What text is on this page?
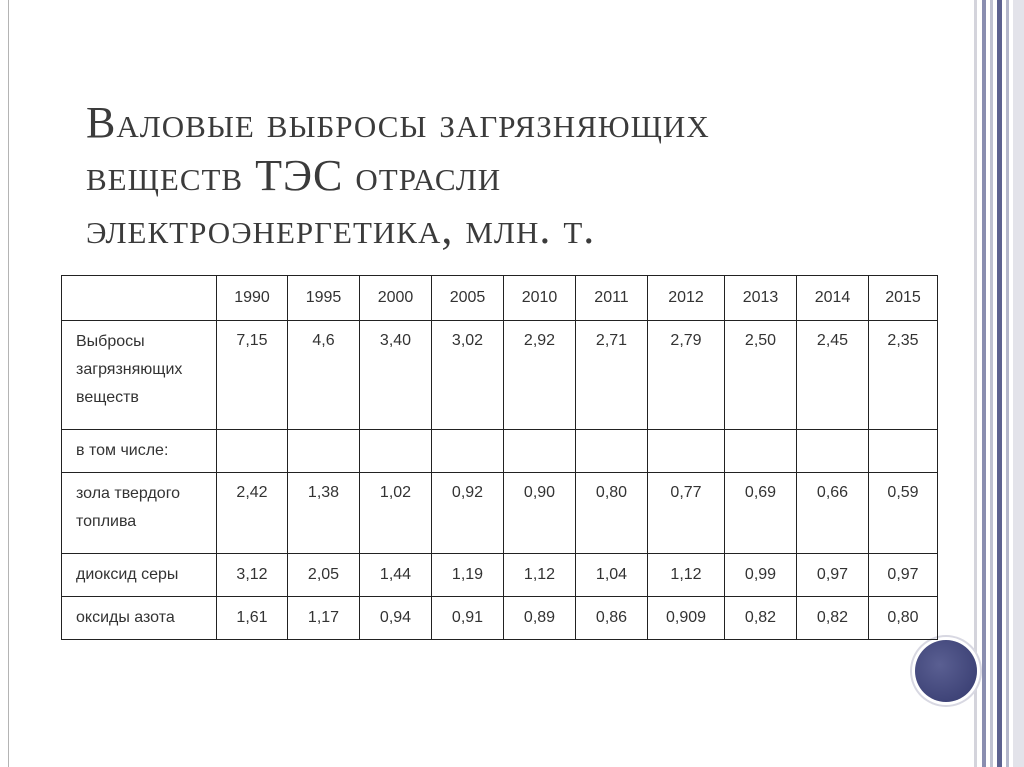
Валовые выбросы загрязняющих
веществ ТЭС отрасли
электроэнергетика, млн. т.
	1990	1995	2000	2005	2010	2011	2012	2013	2014	2015

Выбросы
загрязняющих
веществ	7,15	4,6	3,40	3,02	2,92	2,71	2,79	2,50	2,45	2,35

в том числе:										

зола твердого
топлива	2,42	1,38	1,02	0,92	0,90	0,80	0,77	0,69	0,66	0,59

диоксид серы	3,12	2,05	1,44	1,19	1,12	1,04	1,12	0,99	0,97	0,97

оксиды азота	1,61	1,17	0,94	0,91	0,89	0,86	0,909	0,82	0,82	0,80
